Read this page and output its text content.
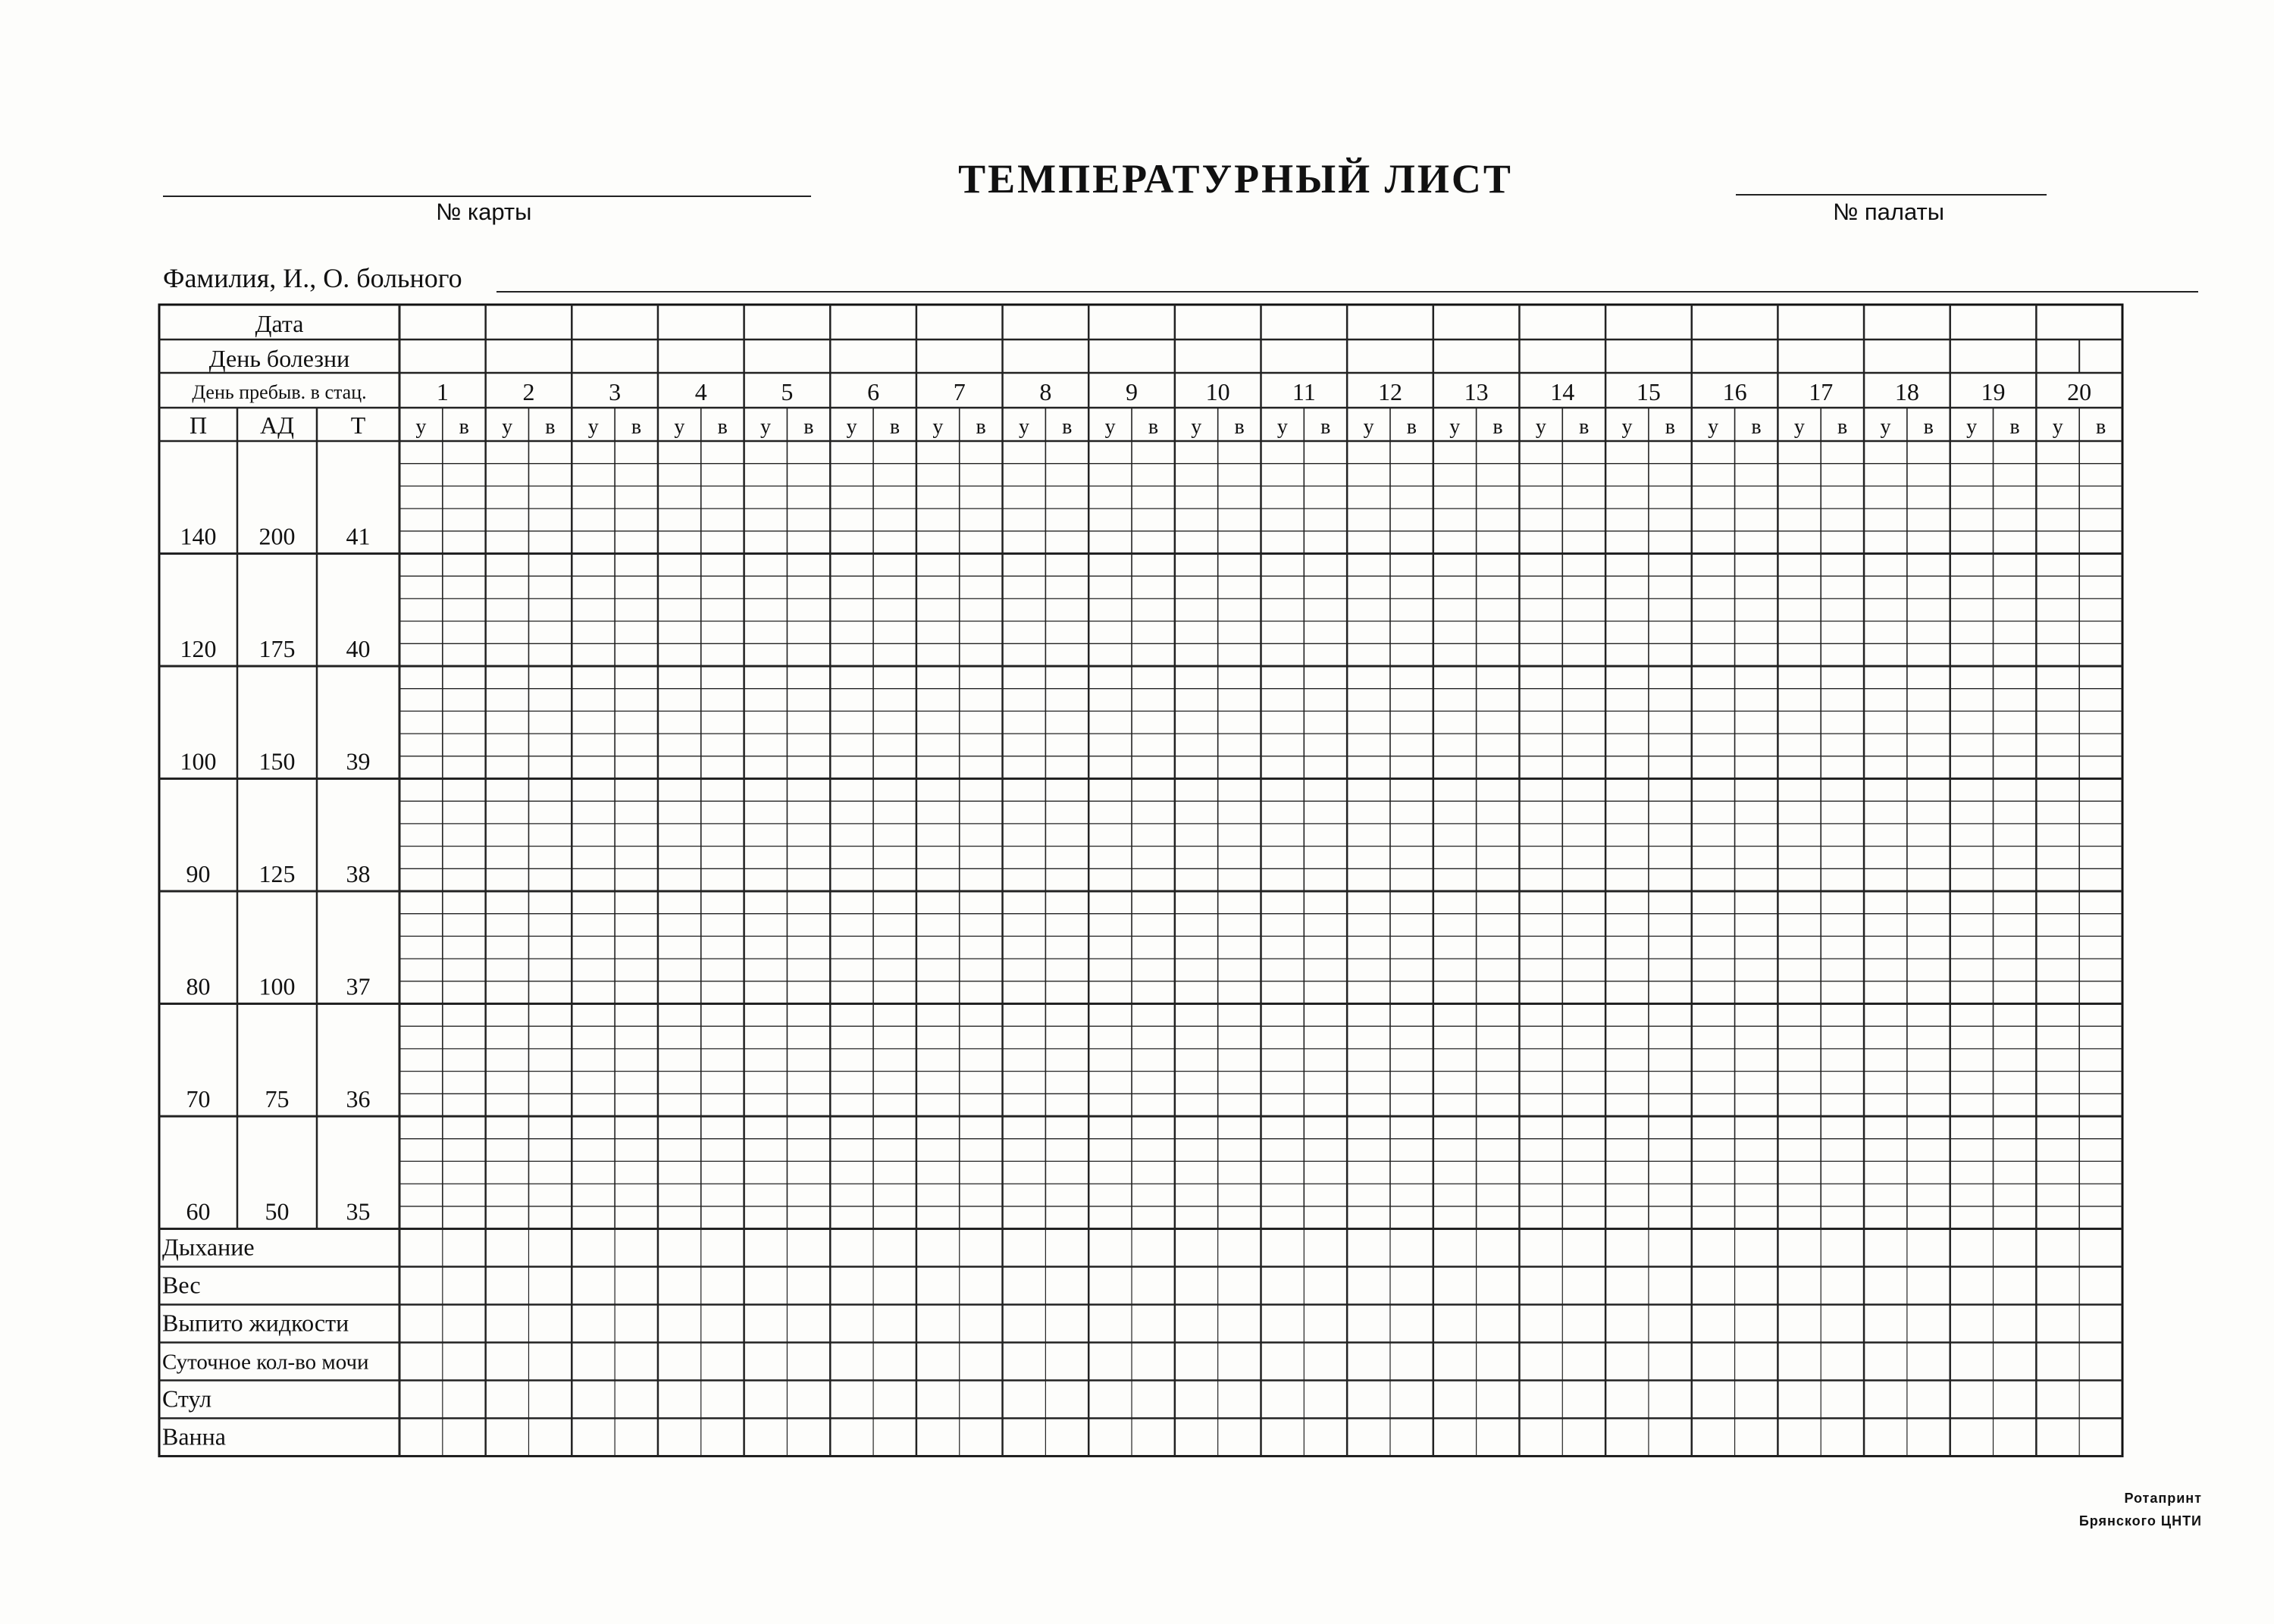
№ карты
ТЕМПЕРАТУРНЫЙ ЛИСТ
№ палаты
Фамилия, И., О. больного
Дата
День болезни
День пребыв. в стац.
П АД Т
1
у в
2
у в
3
у в
4
у в
5
у в
6
у в
7
у в
8
у в
9
у в
10
у в
11
у в
12
у в
13
у в
14
у в
15
у в
16
у в
17
у в
18
у в
19
у в
20
у в
140 200 41
120 175 40
100 150 39
90 125 38
80 100 37
70 75 36
60 50 35
Дыхание
Вес
Выпито жидкости
Суточное кол-во мочи
Стул
Ванна
Ротапринт
Брянского ЦНТИ
